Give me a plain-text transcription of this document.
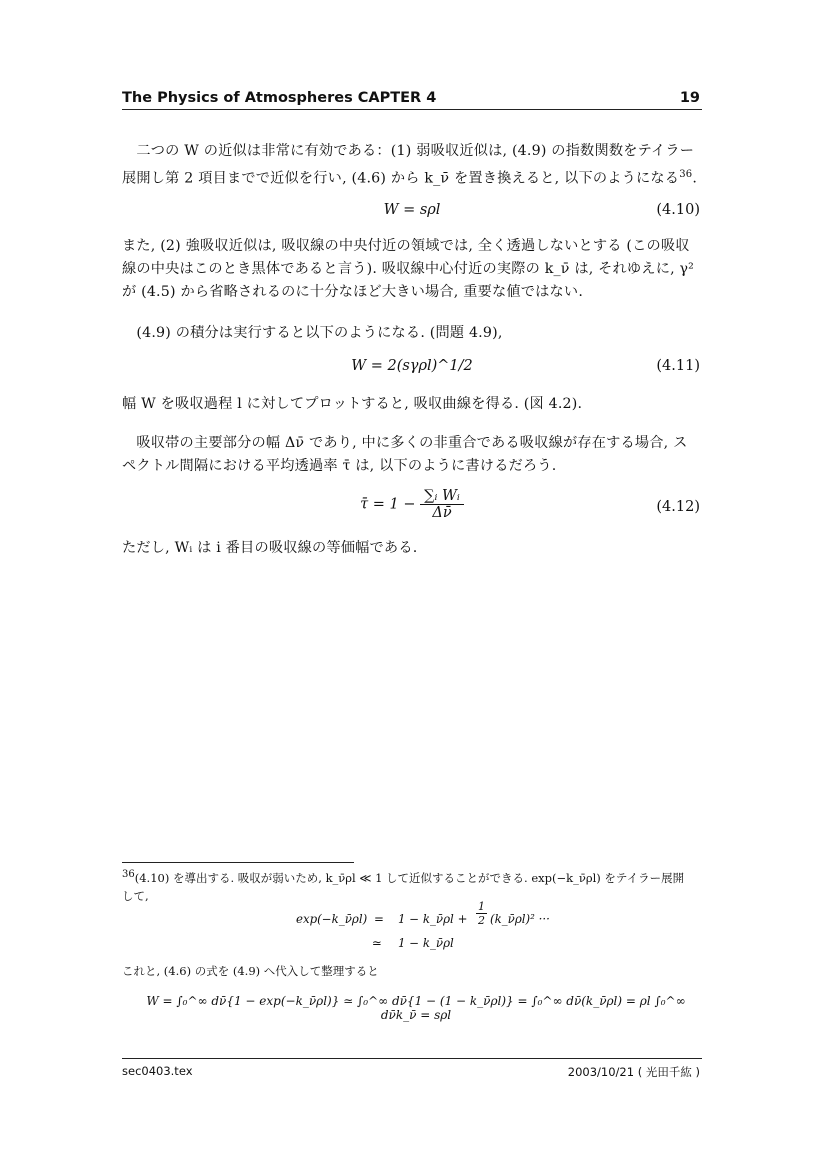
The Physics of Atmospheres CAPTER 4	19
　二つの W の近似は非常に有効である：(1) 弱吸収近似は, (4.9) の指数関数をテイラー
展開し第 2 項目までで近似を行い, (4.6) から k_ν̄ を置き換えると, 以下のようになる$^{36}$.
W = sρl	(4.10)
また, (2) 強吸収近似は, 吸収線の中央付近の領域では, 全く透過しないとする (この吸収
線の中央はこのとき黒体であると言う). 吸収線中心付近の実際の k_ν̄ は, それゆえに, γ²
が (4.5) から省略されるのに十分なほど大きい場合, 重要な値ではない.
　(4.9) の積分は実行すると以下のようになる. (問題 4.9),
W = 2(sγρl)^1/2	(4.11)
幅 W を吸収過程 l に対してプロットすると, 吸収曲線を得る. (図 4.2).
　吸収帯の主要部分の幅 Δν̄ であり, 中に多くの非重合である吸収線が存在する場合, ス
ペクトル間隔における平均透過率 τ̄ は, 以下のように書けるだろう.
τ̄ = $1 - \frac{\text{∑ᵢ Wᵢ}}{\Delta\nū}$	(4.12)
ただし, Wᵢ は i 番目の吸収線の等価幅である.
$^{36}$(4.10) を導出する. 吸収が弱いため, k_ν̄ρl ≪ 1 して近似することができる. exp(−k_ν̄ρl) をテイラー展開
して,
exp(−k_ν̄ρl) = 1 − k_ν̄ρl + $\frac{1}{2}$ (k_ν̄ρl)² ···
≃ 1 − k_ν̄ρl
これと, (4.6) の式を (4.9) へ代入して整理すると
W = ∫₀^∞ dν̄{1 − exp(−k_ν̄ρl)} ≃ ∫₀^∞ dν̄{1 − (1 − k_ν̄ρl)} = ∫₀^∞ dν̄(k_ν̄ρl) = ρl ∫₀^∞ dν̄k_ν̄ = sρl
sec0403.tex	2003/10/21 ( 光田千紘 )
